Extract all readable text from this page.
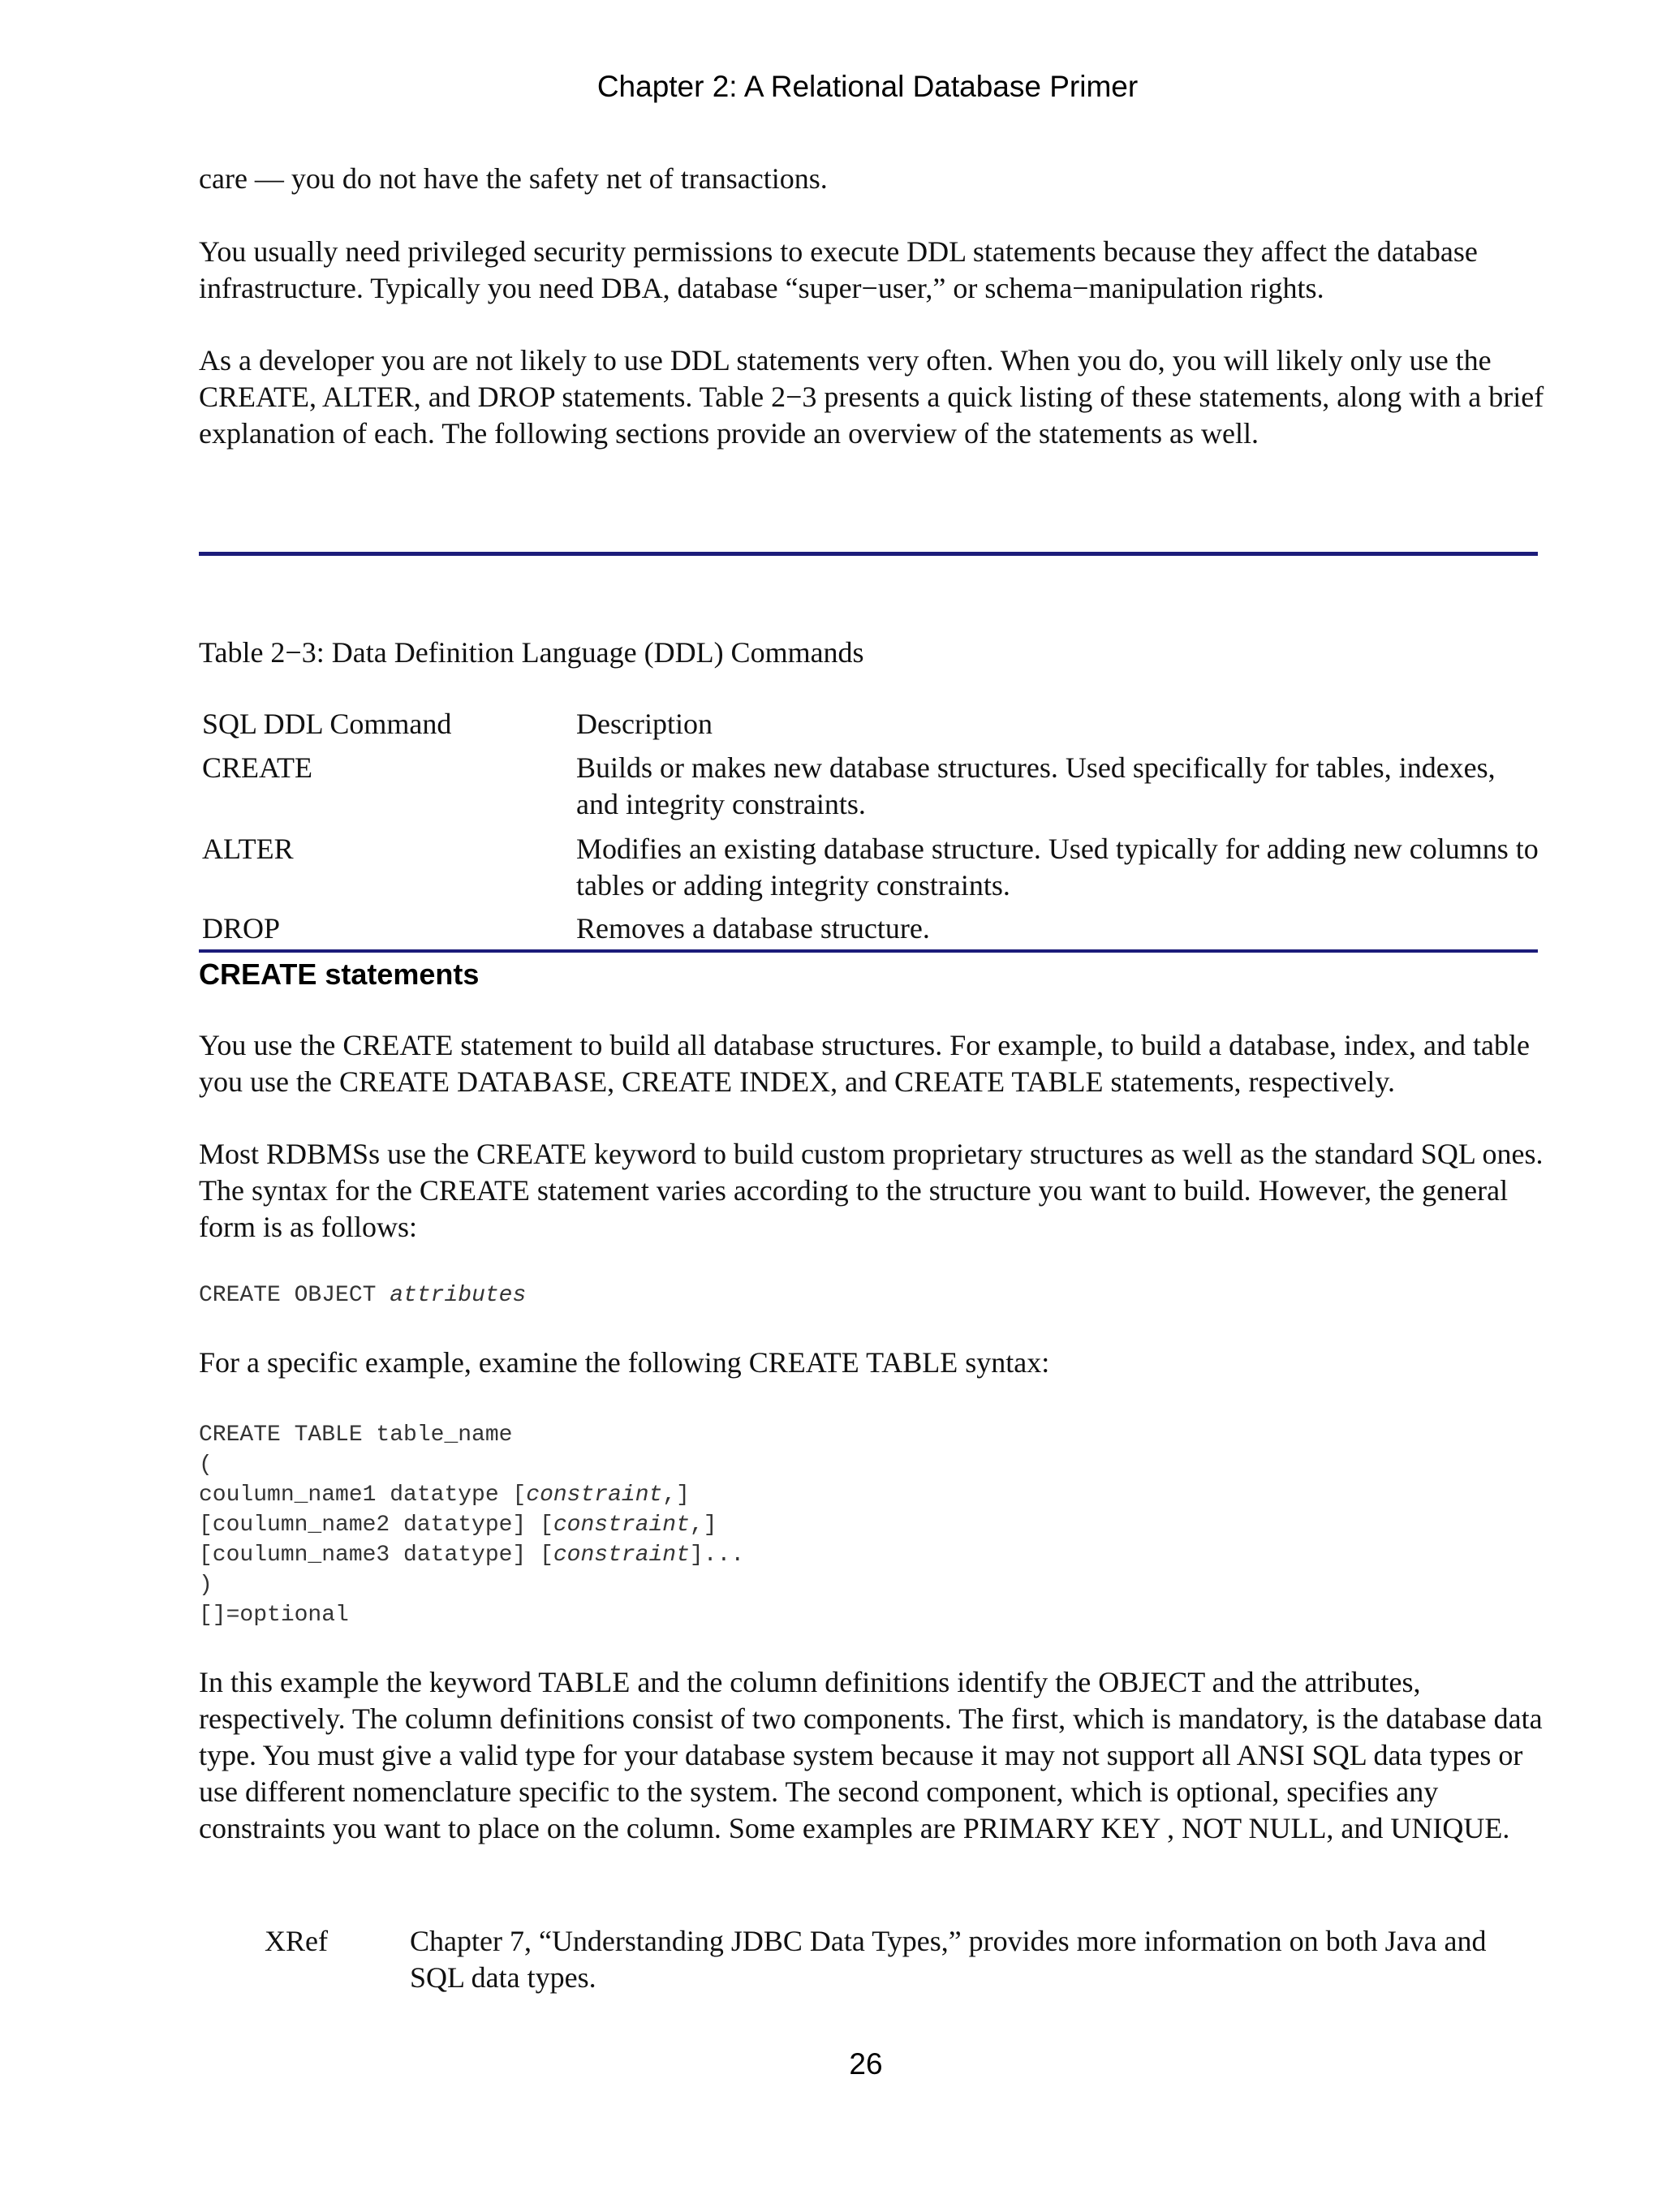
Chapter 2: A Relational Database Primer

care — you do not have the safety net of transactions.

You usually need privileged security permissions to execute DDL statements because they affect the database infrastructure. Typically you need DBA, database “super−user,” or schema−manipulation rights.

As a developer you are not likely to use DDL statements very often. When you do, you will likely only use the CREATE, ALTER, and DROP statements. Table 2−3 presents a quick listing of these statements, along with a brief explanation of each. The following sections provide an overview of the statements as well.

Table 2−3: Data Definition Language (DDL) Commands
SQL DDL Command	Description
CREATE	Builds or makes new database structures. Used specifically for tables, indexes, and integrity constraints.
ALTER	Modifies an existing database structure. Used typically for adding new columns to tables or adding integrity constraints.
DROP	Removes a database structure.
CREATE statements

You use the CREATE statement to build all database structures. For example, to build a database, index, and table you use the CREATE DATABASE, CREATE INDEX, and CREATE TABLE statements, respectively.

Most RDBMSs use the CREATE keyword to build custom proprietary structures as well as the standard SQL ones. The syntax for the CREATE statement varies according to the structure you want to build. However, the general form is as follows:

CREATE OBJECT attributes

For a specific example, examine the following CREATE TABLE syntax:

CREATE TABLE table_name
(
coulumn_name1 datatype [constraint,]
[coulumn_name2 datatype] [constraint,]
[coulumn_name3 datatype] [constraint]...
)
[]=optional

In this example the keyword TABLE and the column definitions identify the OBJECT and the attributes, respectively. The column definitions consist of two components. The first, which is mandatory, is the database data type. You must give a valid type for your database system because it may not support all ANSI SQL data types or use different nomenclature specific to the system. The second component, which is optional, specifies any constraints you want to place on the column. Some examples are PRIMARY KEY , NOT NULL, and UNIQUE.

XRef	Chapter 7, “Understanding JDBC Data Types,” provides more information on both Java and SQL data types.
26
